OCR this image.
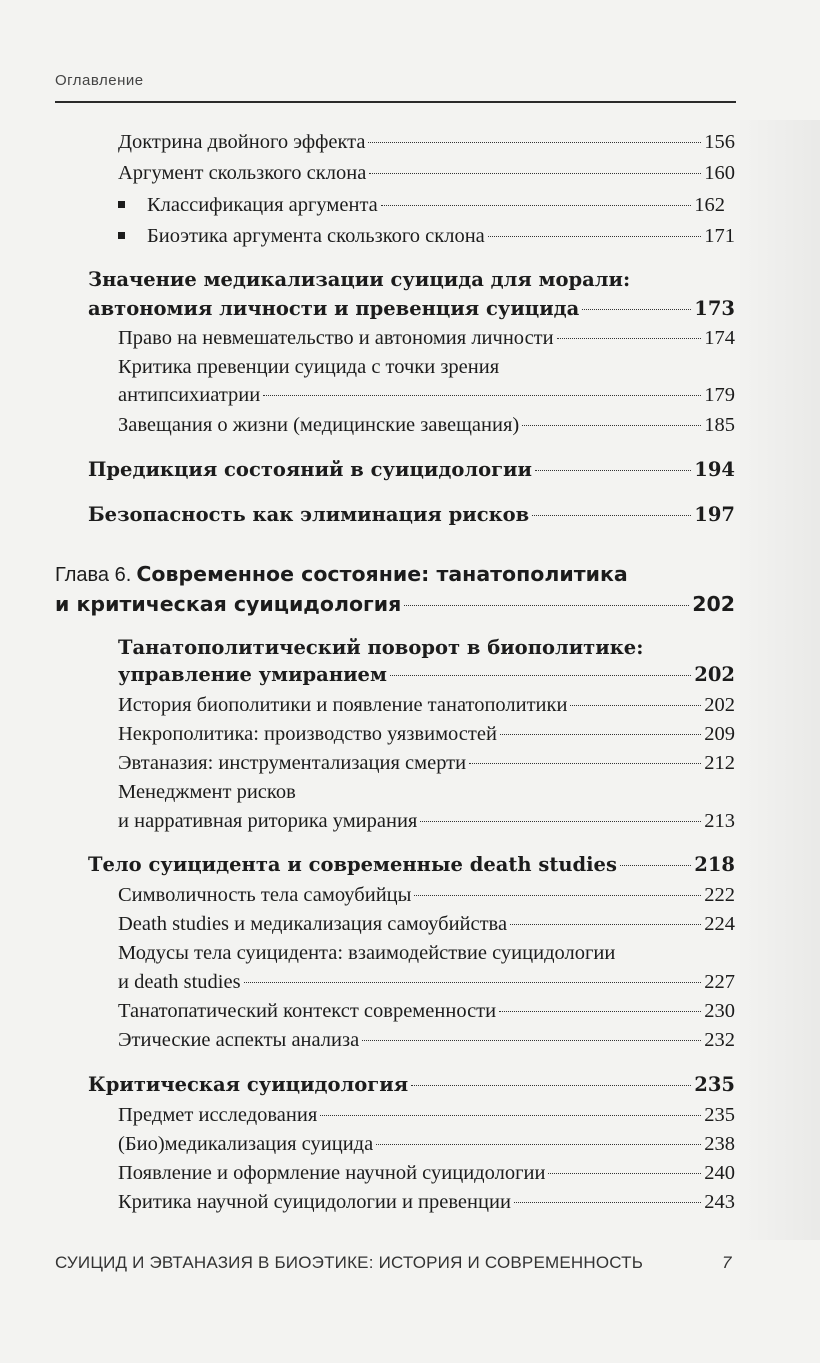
Оглавление
Доктрина двойного эффекта	156
Аргумент скользкого склона	160
Классификация аргумента	162
Биоэтика аргумента скользкого склона	171
Значение медикализации суицида для морали:
автономия личности и превенция суицида	173
Право на невмешательство и автономия личности	174
Критика превенции суицида с точки зрения
антипсихиатрии	179
Завещания о жизни (медицинские завещания)	185
Предикция состояний в суицидологии	194
Безопасность как элиминация рисков	197
Глава 6. Современное состояние: танатополитика
и критическая суицидология	202
Танатополитический поворот в биополитике:
управление умиранием	202
История биополитики и появление танатополитики	202
Некрополитика: производство уязвимостей	209
Эвтаназия: инструментализация смерти	212
Менеджмент рисков
и нарративная риторика умирания	213
Тело суицидента и современные death studies	218
Символичность тела самоубийцы	222
Death studies и медикализация самоубийства	224
Модусы тела суицидента: взаимодействие суицидологии
и death studies	227
Танатопатический контекст современности	230
Этические аспекты анализа	232
Критическая суицидология	235
Предмет исследования	235
(Био)медикализация суицида	238
Появление и оформление научной суицидологии	240
Критика научной суицидологии и превенции	243
СУИЦИД И ЭВТАНАЗИЯ В БИОЭТИКЕ: ИСТОРИЯ И СОВРЕМЕННОСТЬ	7
